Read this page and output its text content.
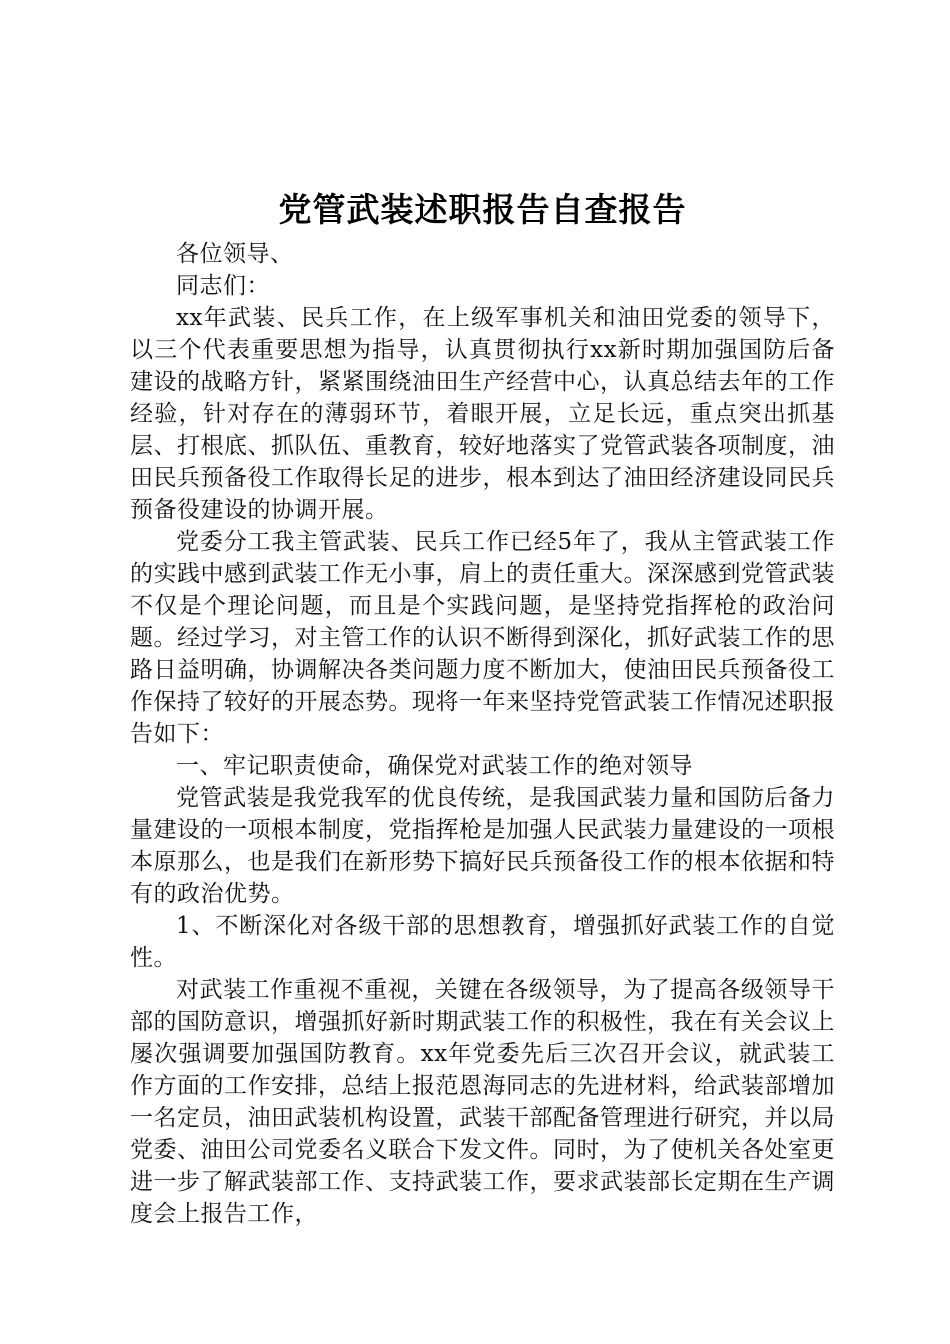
党管武装述职报告自查报告

各位领导、

同志们：

xx年武装、民兵工作，在上级军事机关和油田党委的领导下，以三个代表重要思想为指导，认真贯彻执行xx新时期加强国防后备建设的战略方针，紧紧围绕油田生产经营中心，认真总结去年的工作经验，针对存在的薄弱环节，着眼开展，立足长远，重点突出抓基层、打根底、抓队伍、重教育，较好地落实了党管武装各项制度，油田民兵预备役工作取得长足的进步，根本到达了油田经济建设同民兵预备役建设的协调开展。

党委分工我主管武装、民兵工作已经5年了，我从主管武装工作的实践中感到武装工作无小事，肩上的责任重大。深深感到党管武装不仅是个理论问题，而且是个实践问题，是坚持党指挥枪的政治问题。经过学习，对主管工作的认识不断得到深化，抓好武装工作的思路日益明确，协调解决各类问题力度不断加大，使油田民兵预备役工作保持了较好的开展态势。现将一年来坚持党管武装工作情况述职报告如下：

一、牢记职责使命，确保党对武装工作的绝对领导

党管武装是我党我军的优良传统，是我国武装力量和国防后备力量建设的一项根本制度，党指挥枪是加强人民武装力量建设的一项根本原那么，也是我们在新形势下搞好民兵预备役工作的根本依据和特有的政治优势。

1、不断深化对各级干部的思想教育，增强抓好武装工作的自觉性。

对武装工作重视不重视，关键在各级领导，为了提高各级领导干部的国防意识，增强抓好新时期武装工作的积极性，我在有关会议上屡次强调要加强国防教育。xx年党委先后三次召开会议，就武装工作方面的工作安排，总结上报范恩海同志的先进材料，给武装部增加一名定员，油田武装机构设置，武装干部配备管理进行研究，并以局党委、油田公司党委名义联合下发文件。同时，为了使机关各处室更进一步了解武装部工作、支持武装工作，要求武装部长定期在生产调度会上报告工作，
